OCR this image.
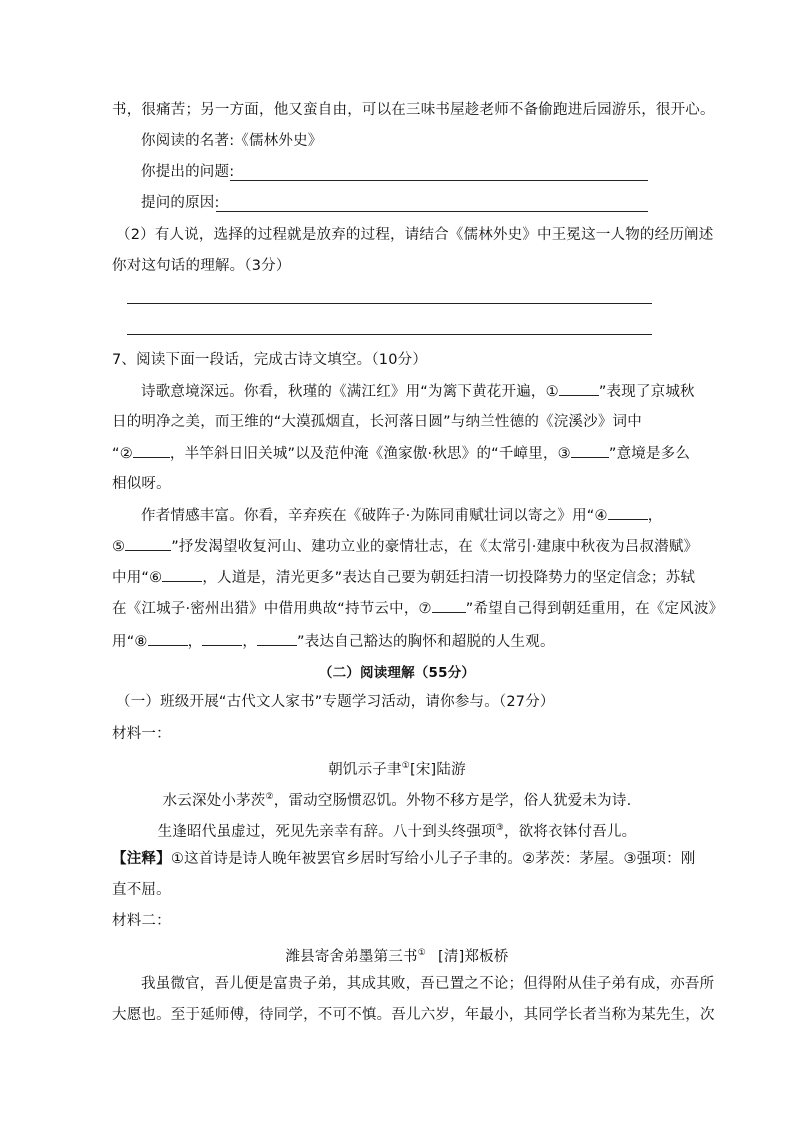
书，很痛苦；另一方面，他又蛮自由，可以在三味书屋趁老师不备偷跑进后园游乐，很开心。
你阅读的名著:《儒林外史》
你提出的问题:
提问的原因:
（2）有人说，选择的过程就是放弃的过程，请结合《儒林外史》中王冕这一人物的经历阐述
你对这句话的理解。（3分）
7、阅读下面一段话，完成古诗文填空。（10分）
诗歌意境深远。你看，秋瑾的《满江红》用“为篱下黄花开遍，①	”表现了京城秋
日的明净之美，而王维的“大漠孤烟直，长河落日圆”与纳兰性德的《浣溪沙》词中
“②	，半竿斜日旧关城”以及范仲淹《渔家傲·秋思》的“千嶂里，③	”意境是多么
相似呀。
作者情感丰富。你看，辛弃疾在《破阵子·为陈同甫赋壮词以寄之》用“④	，
⑤	”抒发渴望收复河山、建功立业的豪情壮志，在《太常引·建康中秋夜为吕叔潜赋》
中用“⑥	，人道是，清光更多”表达自己要为朝廷扫清一切投降势力的坚定信念；苏轼
在《江城子·密州出猎》中借用典故“持节云中，⑦ ”希望自己得到朝廷重用，在《定风波》
用“⑧	，	，	”表达自己豁达的胸怀和超脱的人生观。
（二）阅读理解（55分）
（一）班级开展“古代文人家书”专题学习活动，请你参与。（27分）
材料一：
朝饥示子聿①[宋]陆游
水云深处小茅茨②，雷动空肠惯忍饥。外物不移方是学，俗人犹爱未为诗.
生逢昭代虽虚过，死见先亲幸有辞。八十到头终强项③，欲将衣钵付吾儿。
【注释】①这首诗是诗人晚年被罢官乡居时写给小儿子子聿的。②茅茨：茅屋。③强项：刚
直不屈。
材料二：
潍县寄舍弟墨第三书① [清]郑板桥
我虽微官，吾儿便是富贵子弟，其成其败，吾已置之不论；但得附从佳子弟有成，亦吾所
大愿也。至于延师傅，待同学，不可不慎。吾儿六岁，年最小，其同学长者当称为某先生，次
